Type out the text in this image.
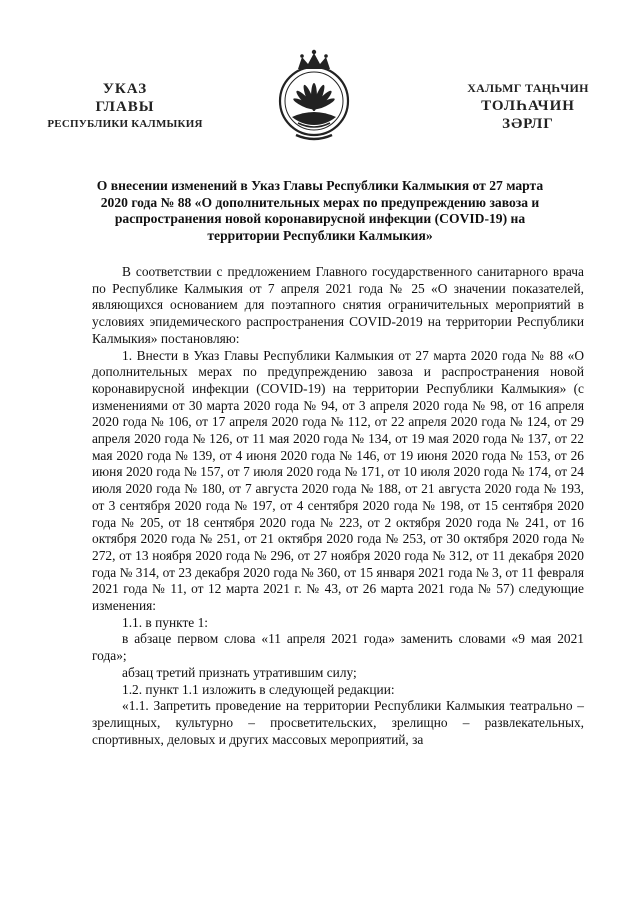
УКАЗ
ГЛАВЫ
РЕСПУБЛИКИ КАЛМЫКИЯ
ХАЛЬМГ ТАҢҺЧИН
ТОЛҺАЧИН
ЗӘРЛГ
О внесении изменений в Указ Главы Республики Калмыкия от 27 марта 2020 года № 88 «О дополнительных мерах по предупреждению завоза и распространения новой коронавирусной инфекции (COVID-19) на территории Республики Калмыкия»

В соответствии с предложением Главного государственного санитарного врача по Республике Калмыкия от 7 апреля 2021 года № 25 «О значении показателей, являющихся основанием для поэтапного снятия ограничительных мероприятий в условиях эпидемического распространения COVID-2019 на территории Республики Калмыкия» постановляю:

1. Внести в Указ Главы Республики Калмыкия от 27 марта 2020 года № 88 «О дополнительных мерах по предупреждению завоза и распространения новой коронавирусной инфекции (COVID-19) на территории Республики Калмыкия» (с изменениями от 30 марта 2020 года № 94, от 3 апреля 2020 года № 98, от 16 апреля 2020 года № 106, от 17 апреля 2020 года № 112, от 22 апреля 2020 года № 124, от 29 апреля 2020 года № 126, от 11 мая 2020 года № 134, от 19 мая 2020 года № 137, от 22 мая 2020 года № 139, от 4 июня 2020 года № 146, от 19 июня 2020 года № 153, от 26 июня 2020 года № 157, от 7 июля 2020 года № 171, от 10 июля 2020 года № 174, от 24 июля 2020 года № 180, от 7 августа 2020 года № 188, от 21 августа 2020 года № 193, от 3 сентября 2020 года № 197, от 4 сентября 2020 года № 198, от 15 сентября 2020 года № 205, от 18 сентября 2020 года № 223, от 2 октября 2020 года № 241, от 16 октября 2020 года № 251, от 21 октября 2020 года № 253, от 30 октября 2020 года № 272, от 13 ноября 2020 года № 296, от 27 ноября 2020 года № 312, от 11 декабря 2020 года № 314, от 23 декабря 2020 года № 360, от 15 января 2021 года № 3, от 11 февраля 2021 года № 11, от 12 марта 2021 г. № 43, от 26 марта 2021 года № 57) следующие изменения:

1.1. в пункте 1:

в абзаце первом слова «11 апреля 2021 года» заменить словами «9 мая 2021 года»;

абзац третий признать утратившим силу;

1.2. пункт 1.1 изложить в следующей редакции:

«1.1. Запретить проведение на территории Республики Калмыкия театрально – зрелищных, культурно – просветительских, зрелищно – развлекательных, спортивных, деловых и других массовых мероприятий, за
